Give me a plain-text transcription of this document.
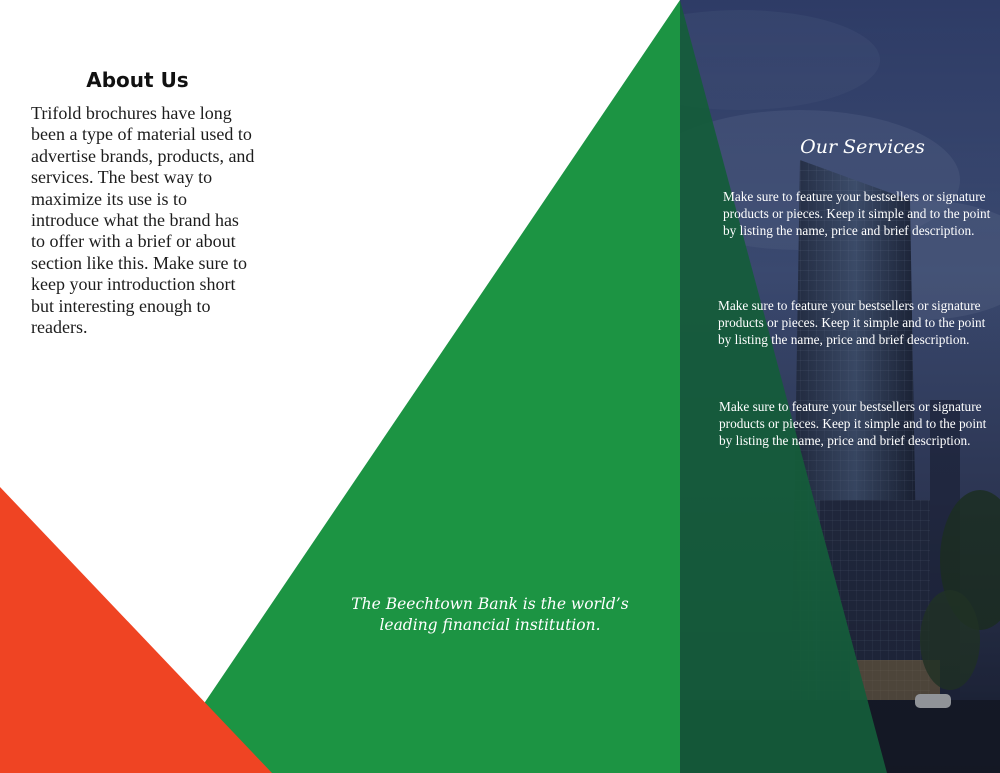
About Us
Trifold brochures have long been a type of material used to advertise brands, products, and services. The best way to maximize its use is to introduce what the brand has to offer with a brief or about section like this. Make sure to keep your introduction short but interesting enough to readers.
The Beechtown Bank is the world’s
leading financial institution.
Our Services
Make sure to feature your bestsellers or signature products or pieces. Keep it simple and to the point by listing the name, price and brief description.
Make sure to feature your bestsellers or signature products or pieces. Keep it simple and to the point by listing the name, price and brief description.
Make sure to feature your bestsellers or signature products or pieces. Keep it simple and to the point by listing the name, price and brief description.
